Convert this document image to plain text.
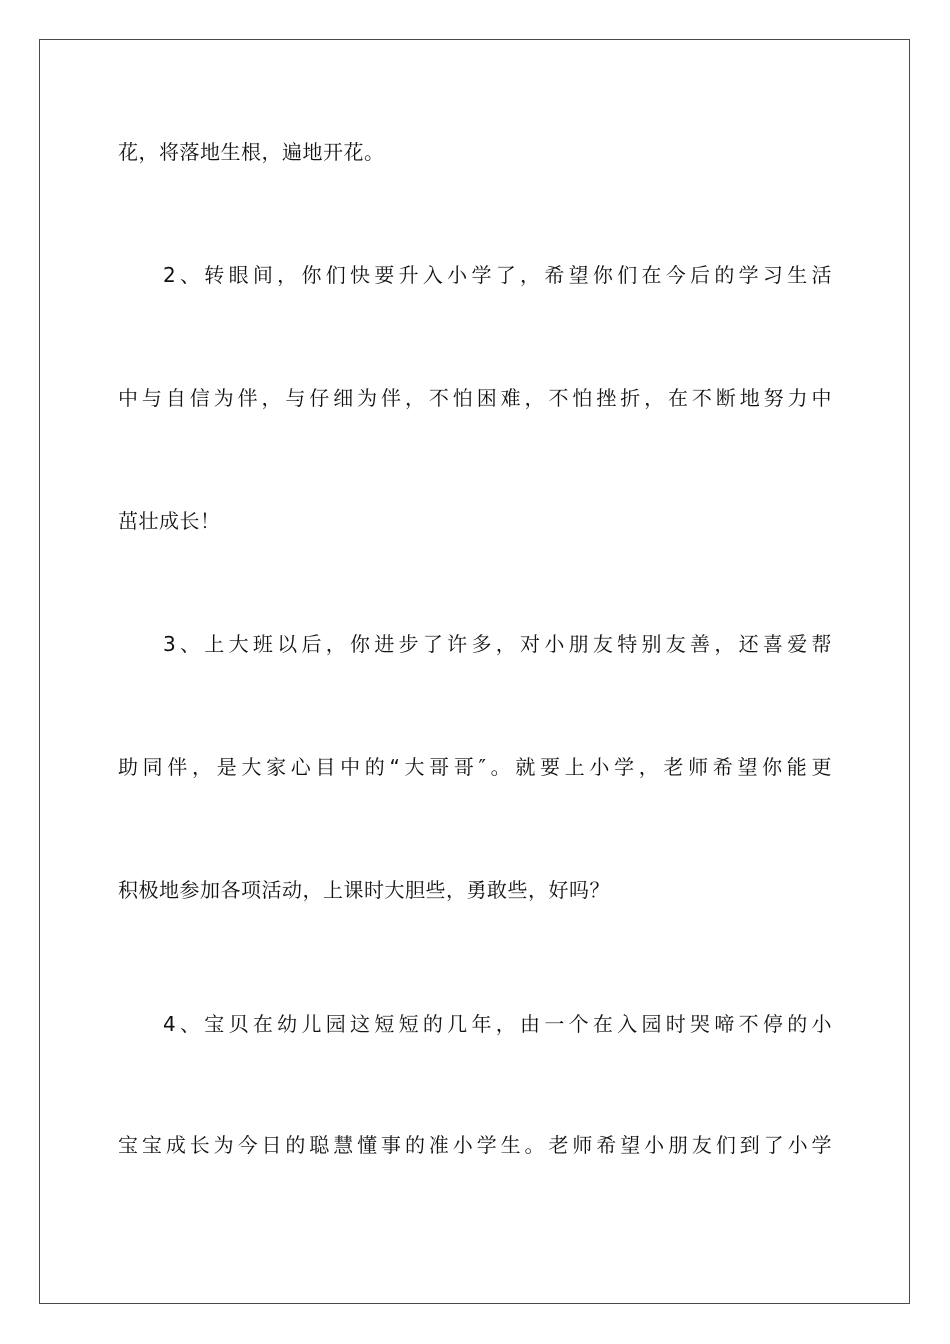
花，将落地生根，遍地开花。
2、转眼间，你们快要升入小学了，希望你们在今后的学习生活
中与自信为伴，与仔细为伴，不怕困难，不怕挫折，在不断地努力中
茁壮成长！
3、上大班以后，你进步了许多，对小朋友特别友善，还喜爱帮
助同伴，是大家心目中的“大哥哥″。就要上小学，老师希望你能更
积极地参加各项活动，上课时大胆些，勇敢些，好吗？
4、宝贝在幼儿园这短短的几年，由一个在入园时哭啼不停的小
宝宝成长为今日的聪慧懂事的准小学生。老师希望小朋友们到了小学
